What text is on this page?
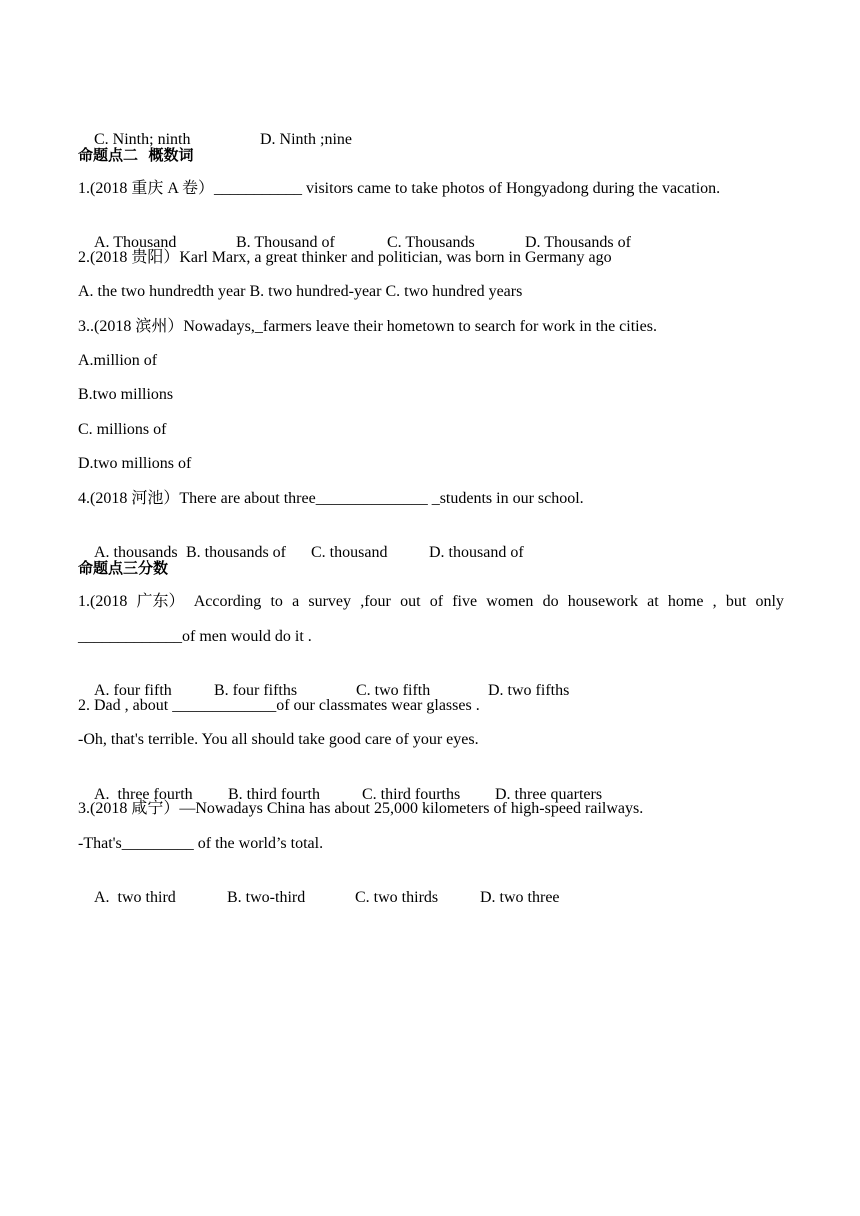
C. Ninth; ninth	D. Ninth ;nine

命题点二  概数词
1.(2018 重庆 A 卷）___________ visitors came to take photos of Hongyadong during the vacation.

A. Thousand	B. Thousand of	C. Thousands	D. Thousands of

2.(2018 贵阳）Karl Marx, a great thinker and politician, was born in Germany ago
A. the two hundredth year B. two hundred-year C. two hundred years
3..(2018 滨州）Nowadays,_farmers leave their hometown to search for work in the cities.
A.million of
B.two millions
C. millions of
D.two millions of
4.(2018 河池）There are about three______________ _students in our school.

A. thousands B. thousands of C. thousand	D. thousand of

命题点三分数
1.(2018 广东） According to a survey ,four out of five women do housework at home , but only
_____________of men would do it .

A. four fifth	B. four fifths	C. two fifth	D. two fifths

2. Dad , about _____________of our classmates wear glasses .
-Oh, that's terrible. You all should take good care of your eyes.

A.  three fourth B. third fourth	C. third fourths D. three quarters

3.(2018 咸宁）—Nowadays China has about 25,000 kilometers of high-speed railways.
-That's_________ of the world’s total.

A.  two third	B. two-third	C. two thirds	D. two three
